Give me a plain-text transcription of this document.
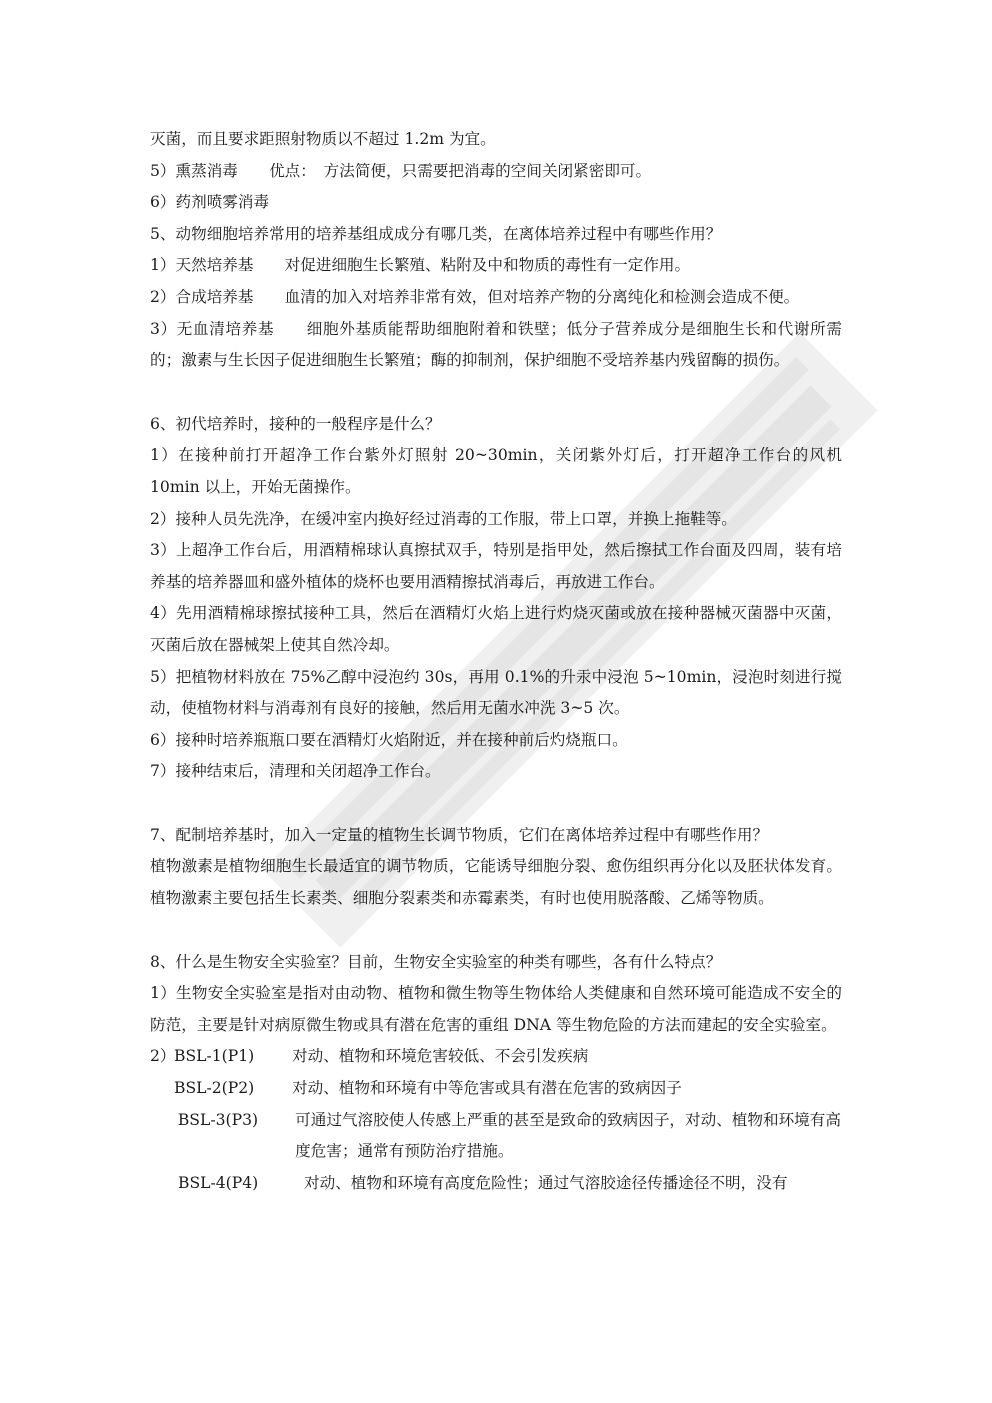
灭菌，而且要求距照射物质以不超过 1.2m 为宜。
5）熏蒸消毒　　优点：　方法简便，只需要把消毒的空间关闭紧密即可。
6）药剂喷雾消毒
5、动物细胞培养常用的培养基组成成分有哪几类，在离体培养过程中有哪些作用？
1）天然培养基　　对促进细胞生长繁殖、粘附及中和物质的毒性有一定作用。
2）合成培养基　　血清的加入对培养非常有效，但对培养产物的分离纯化和检测会造成不便。
3）无血清培养基　　细胞外基质能帮助细胞附着和铁壁；低分子营养成分是细胞生长和代谢所需的；激素与生长因子促进细胞生长繁殖；酶的抑制剂，保护细胞不受培养基内残留酶的损伤。
6、初代培养时，接种的一般程序是什么？
1）在接种前打开超净工作台紫外灯照射 20~30min，关闭紫外灯后，打开超净工作台的风机 10min 以上，开始无菌操作。
2）接种人员先洗净，在缓冲室内换好经过消毒的工作服，带上口罩，并换上拖鞋等。
3）上超净工作台后，用酒精棉球认真擦拭双手，特别是指甲处，然后擦拭工作台面及四周，装有培养基的培养器皿和盛外植体的烧杯也要用酒精擦拭消毒后，再放进工作台。
4）先用酒精棉球擦拭接种工具，然后在酒精灯火焰上进行灼烧灭菌或放在接种器械灭菌器中灭菌，灭菌后放在器械架上使其自然冷却。
5）把植物材料放在 75%乙醇中浸泡约 30s，再用 0.1%的升汞中浸泡 5~10min，浸泡时刻进行搅动，使植物材料与消毒剂有良好的接触，然后用无菌水冲洗 3~5 次。
6）接种时培养瓶瓶口要在酒精灯火焰附近，并在接种前后灼烧瓶口。
7）接种结束后，清理和关闭超净工作台。
7、配制培养基时，加入一定量的植物生长调节物质，它们在离体培养过程中有哪些作用？
植物激素是植物细胞生长最适宜的调节物质，它能诱导细胞分裂、愈伤组织再分化以及胚状体发育。植物激素主要包括生长素类、细胞分裂素类和赤霉素类，有时也使用脱落酸、乙烯等物质。
8、什么是生物安全实验室？目前，生物安全实验室的种类有哪些，各有什么特点？
1）生物安全实验室是指对由动物、植物和微生物等生物体给人类健康和自然环境可能造成不安全的防范，主要是针对病原微生物或具有潜在危害的重组 DNA 等生物危险的方法而建起的安全实验室。
2）
BSL-1(P1)	对动、植物和环境危害较低、不会引发疾病
BSL-2(P2)	对动、植物和环境有中等危害或具有潜在危害的致病因子
BSL-3(P3)	可通过气溶胶使人传感上严重的甚至是致命的致病因子，对动、植物和环境有高度危害；通常有预防治疗措施。
BSL-4(P4)	对动、植物和环境有高度危险性；通过气溶胶途径传播途径不明，没有
